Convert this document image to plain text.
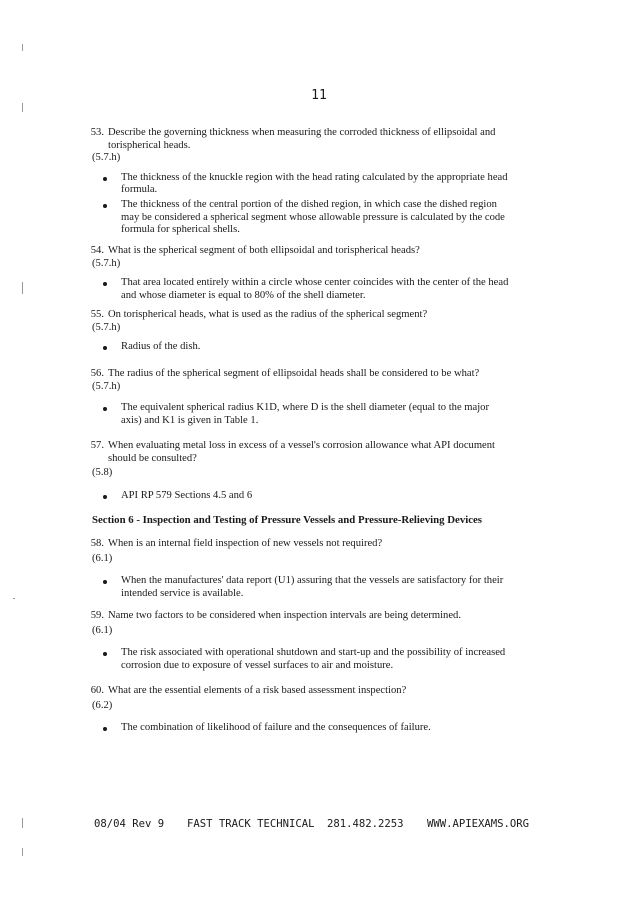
11
53. Describe the governing thickness when measuring the corroded thickness of ellipsoidal and torispherical heads.
(5.7.h)
The thickness of the knuckle region with the head rating calculated by the appropriate head formula.
The thickness of the central portion of the dished region, in which case the dished region may be considered a spherical segment whose allowable pressure is calculated by the code formula for spherical shells.
54. What is the spherical segment of both ellipsoidal and torispherical heads?
(5.7.h)
That area located entirely within a circle whose center coincides with the center of the head and whose diameter is equal to 80% of the shell diameter.
55. On torispherical heads, what is used as the radius of the spherical segment?
(5.7.h)
Radius of the dish.
56. The radius of the spherical segment of ellipsoidal heads shall be considered to be what?
(5.7.h)
The equivalent spherical radius K1D, where D is the shell diameter (equal to the major axis) and K1 is given in Table 1.
57. When evaluating metal loss in excess of a vessel's corrosion allowance what API document should be consulted?
(5.8)
API RP 579 Sections 4.5 and 6
Section 6 - Inspection and Testing of Pressure Vessels and Pressure-Relieving Devices
58. When is an internal field inspection of new vessels not required?
(6.1)
When the manufactures' data report (U1) assuring that the vessels are satisfactory for their intended service is available.
59. Name two factors to be considered when inspection intervals are being determined.
(6.1)
The risk associated with operational shutdown and start-up and the possibility of increased corrosion due to exposure of vessel surfaces to air and moisture.
60. What are the essential elements of a risk based assessment inspection?
(6.2)
The combination of likelihood of failure and the consequences of failure.
08/04 Rev 9 FAST TRACK TECHNICAL 281.482.2253 WWW.APIEXAMS.ORG
